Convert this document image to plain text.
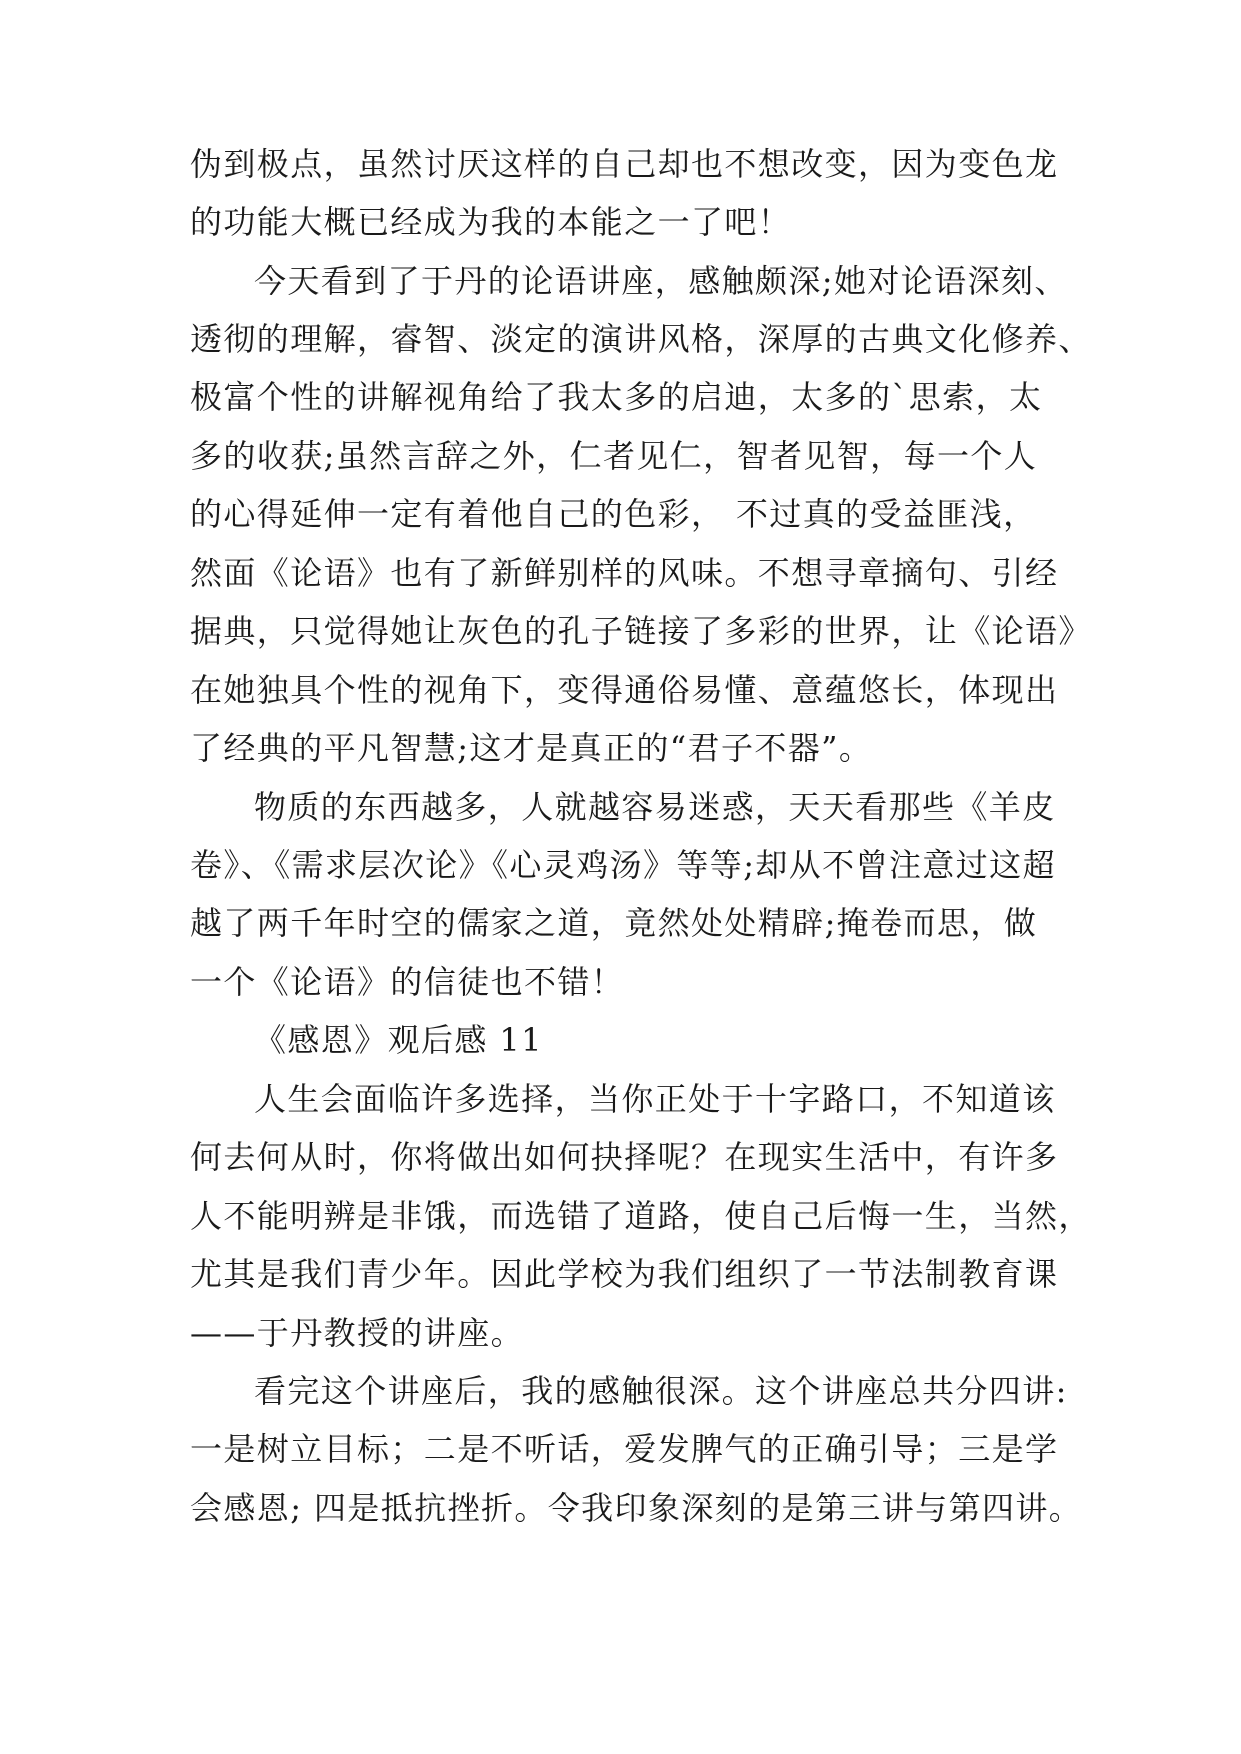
伪到极点，虽然讨厌这样的自己却也不想改变，因为变色龙
的功能大概已经成为我的本能之一了吧！
今天看到了于丹的论语讲座，感触颇深;她对论语深刻、
透彻的理解，睿智、淡定的演讲风格，深厚的古典文化修养、
极富个性的讲解视角给了我太多的启迪，太多的`思索，太
多的收获;虽然言辞之外，仁者见仁，智者见智，每一个人
的心得延伸一定有着他自己的色彩， 不过真的受益匪浅，
然面《论语》也有了新鲜别样的风味。不想寻章摘句、引经
据典，只觉得她让灰色的孔子链接了多彩的世界，让《论语》
在她独具个性的视角下，变得通俗易懂、意蕴悠长，体现出
了经典的平凡智慧;这才是真正的“君子不器”。
物质的东西越多，人就越容易迷惑，天天看那些《羊皮
卷》、《需求层次论》《心灵鸡汤》等等;却从不曾注意过这超
越了两千年时空的儒家之道，竟然处处精辟;掩卷而思，做
一个《论语》的信徒也不错！
《感恩》观后感 11
人生会面临许多选择，当你正处于十字路口，不知道该
何去何从时，你将做出如何抉择呢？在现实生活中，有许多
人不能明辨是非饿，而选错了道路，使自己后悔一生，当然，
尤其是我们青少年。因此学校为我们组织了一节法制教育课
——于丹教授的讲座。
看完这个讲座后，我的感触很深。这个讲座总共分四讲:
一是树立目标；二是不听话，爱发脾气的正确引导；三是学
会感恩; 四是抵抗挫折。令我印象深刻的是第三讲与第四讲。
